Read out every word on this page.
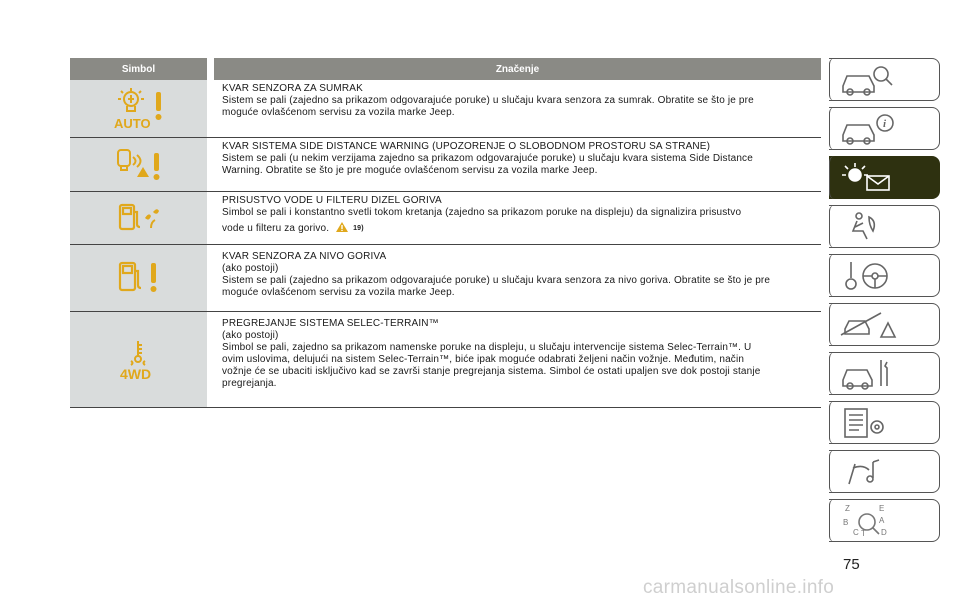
Simbol	Značenje
AUTO
KVAR SENZORA ZA SUMRAK
Sistem se pali (zajedno sa prikazom odgovarajuće poruke) u slučaju kvara senzora za sumrak. Obratite se što je pre
moguće ovlašćenom servisu za vozila marke Jeep.
KVAR SISTEMA SIDE DISTANCE WARNING (UPOZORENJE O SLOBODNOM PROSTORU SA STRANE)
Sistem se pali (u nekim verzijama zajedno sa prikazom odgovarajuće poruke) u slučaju kvara sistema Side Distance
Warning. Obratite se što je pre moguće ovlašćenom servisu za vozila marke Jeep.
PRISUSTVO VODE U FILTERU DIZEL GORIVA
Simbol se pali i konstantno svetli tokom kretanja (zajedno sa prikazom poruke na displeju) da signalizira prisustvo
vode u filteru za gorivo.	19)
KVAR SENZORA ZA NIVO GORIVA
(ako postoji)
Sistem se pali (zajedno sa prikazom odgovarajuće poruke) u slučaju kvara senzora za nivo goriva. Obratite se što je pre
moguće ovlašćenom servisu za vozila marke Jeep.
4WD
PREGREJANJE SISTEMA SELEC-TERRAIN™
(ako postoji)
Simbol se pali, zajedno sa prikazom namenske poruke na displeju, u slučaju intervencije sistema Selec-Terrain™. U
ovim uslovima, delujući na sistem Selec-Terrain™, biće ipak moguće odabrati željeni način vožnje. Međutim, način
vožnje će se ubaciti isključivo kad se završi stanje pregrejanja sistema. Simbol će ostati upaljen sve dok postoji stanje
pregrejanja.
i
Z	E
B	A
C T D
75
carmanualsonline.info
